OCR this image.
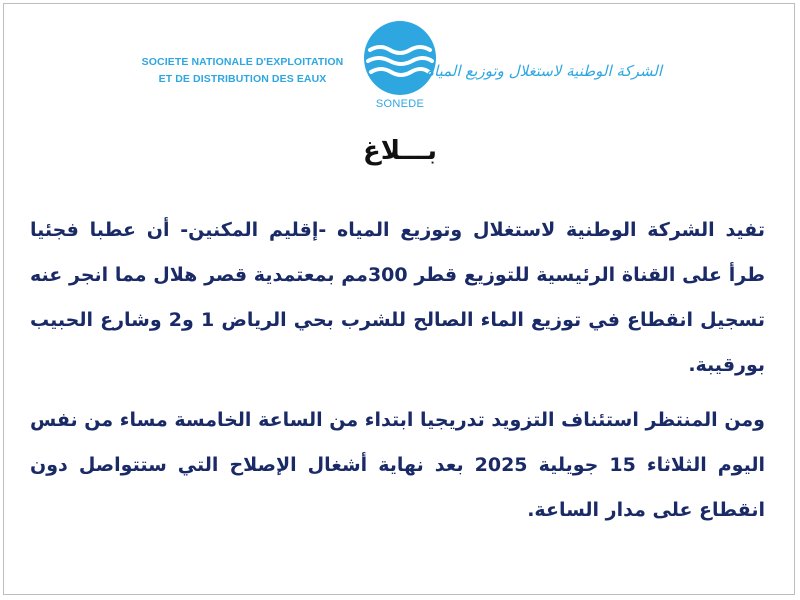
SOCIETE NATIONALE D'EXPLOITATION
ET DE DISTRIBUTION DES EAUX
SONEDE
الشركة الوطنية لاستغلال وتوزيع المياه
بـــلاغ

تفيد الشركة الوطنية لاستغلال وتوزيع المياه -إقليم المكنين- أن عطبا فجئيا طرأ على القناة الرئيسية للتوزيع قطر 300مم بمعتمدية قصر هلال مما انجر عنه تسجيل انقطاع في توزيع الماء الصالح للشرب بحي الرياض 1 و2 وشارع الحبيب بورقيبة.

ومن المنتظر استئناف التزويد تدريجيا ابتداء من الساعة الخامسة مساء من نفس اليوم الثلاثاء 15 جويلية 2025 بعد نهاية أشغال الإصلاح التي ستتواصل دون انقطاع على مدار الساعة.
